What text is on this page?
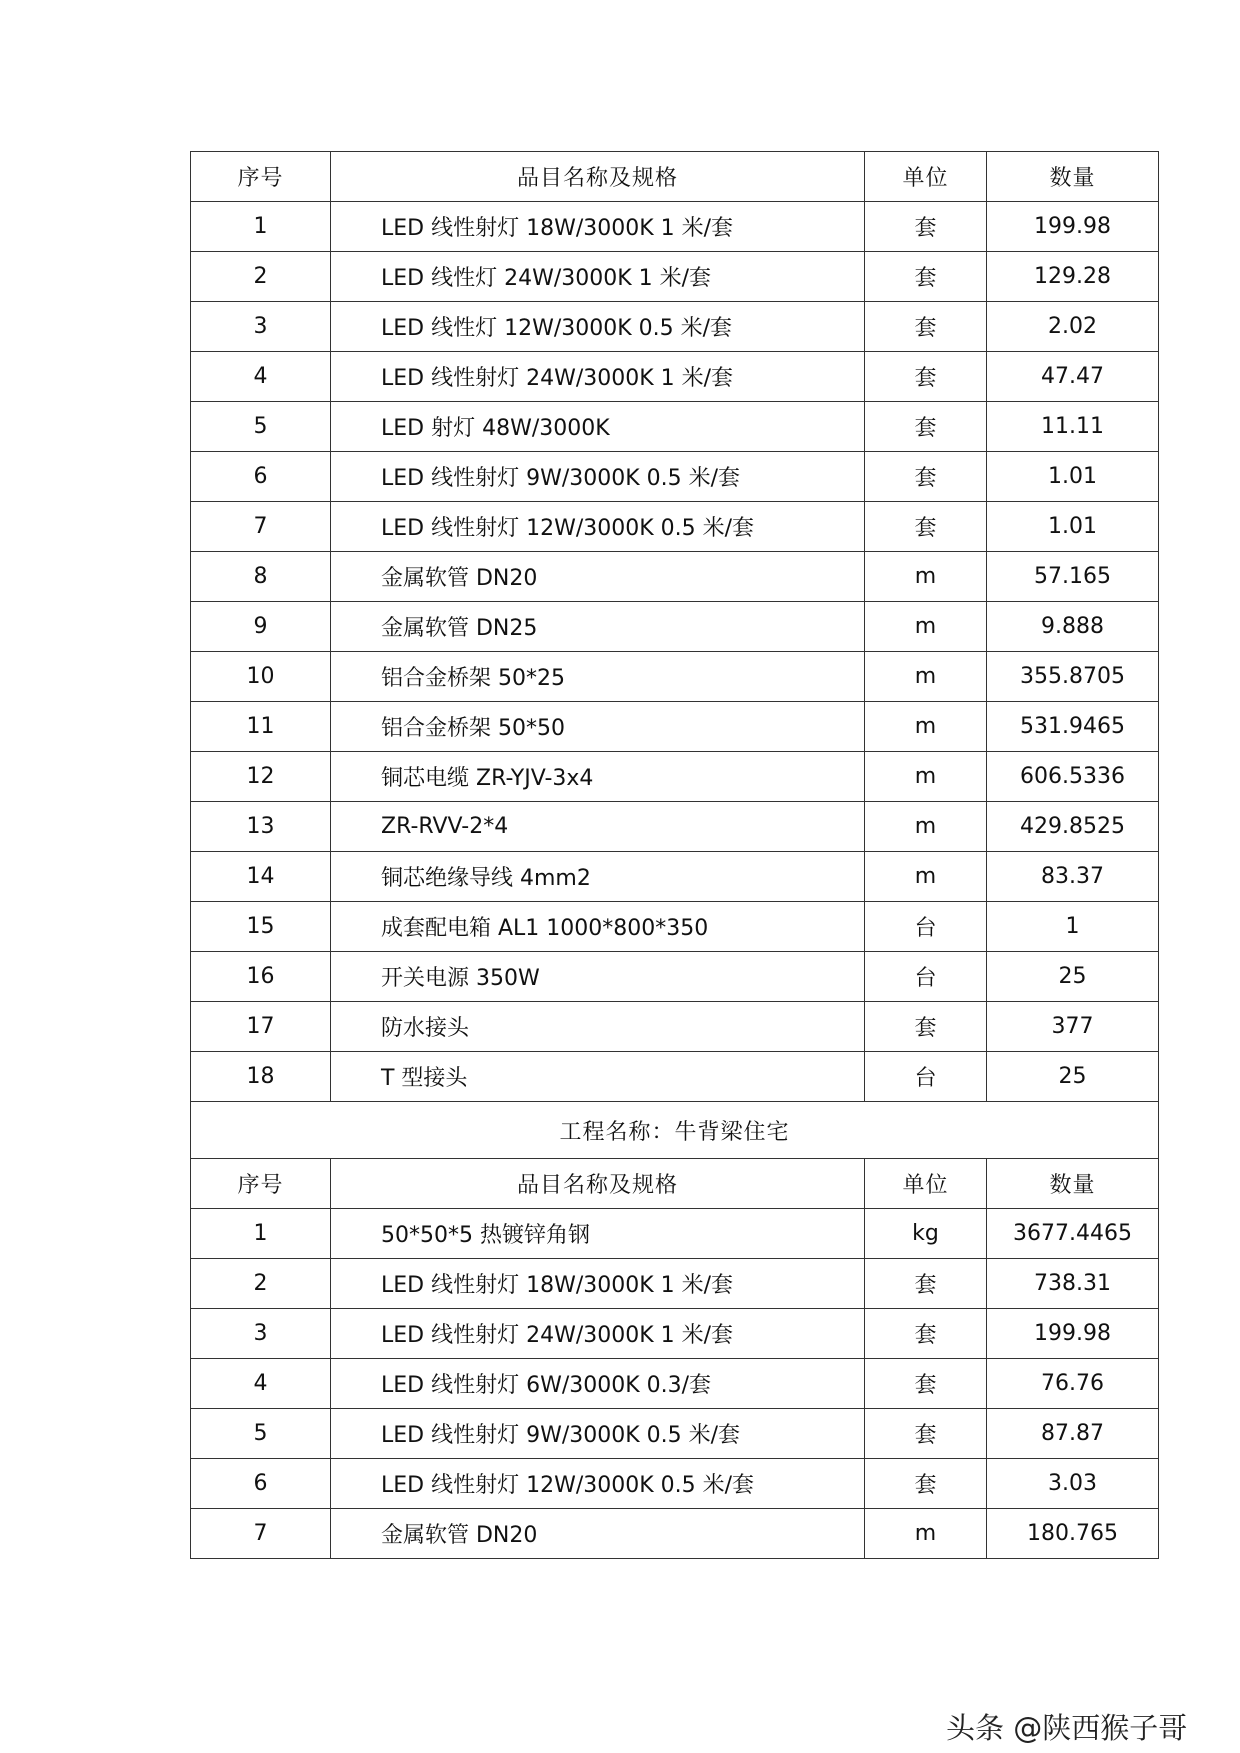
序号	品目名称及规格	单位	数量
1	LED 线性射灯 18W/3000K 1 米/套	套	199.98
2	LED 线性灯 24W/3000K 1 米/套	套	129.28
3	LED 线性灯 12W/3000K 0.5 米/套	套	2.02
4	LED 线性射灯 24W/3000K 1 米/套	套	47.47
5	LED 射灯 48W/3000K	套	11.11
6	LED 线性射灯 9W/3000K 0.5 米/套	套	1.01
7	LED 线性射灯 12W/3000K 0.5 米/套	套	1.01
8	金属软管 DN20	m	57.165
9	金属软管 DN25	m	9.888
10	铝合金桥架 50*25	m	355.8705
11	铝合金桥架 50*50	m	531.9465
12	铜芯电缆 ZR-YJV-3x4	m	606.5336
13	ZR-RVV-2*4	m	429.8525
14	铜芯绝缘导线 4mm2	m	83.37
15	成套配电箱 AL1 1000*800*350	台	1
16	开关电源 350W	台	25
17	防水接头	套	377
18	T 型接头	台	25
工程名称：牛背梁住宅			
序号	品目名称及规格	单位	数量
1	50*50*5 热镀锌角钢	kg	3677.4465
2	LED 线性射灯 18W/3000K 1 米/套	套	738.31
3	LED 线性射灯 24W/3000K 1 米/套	套	199.98
4	LED 线性射灯 6W/3000K 0.3/套	套	76.76
5	LED 线性射灯 9W/3000K 0.5 米/套	套	87.87
6	LED 线性射灯 12W/3000K 0.5 米/套	套	3.03
7	金属软管 DN20	m	180.765
头条 @陕西猴子哥
